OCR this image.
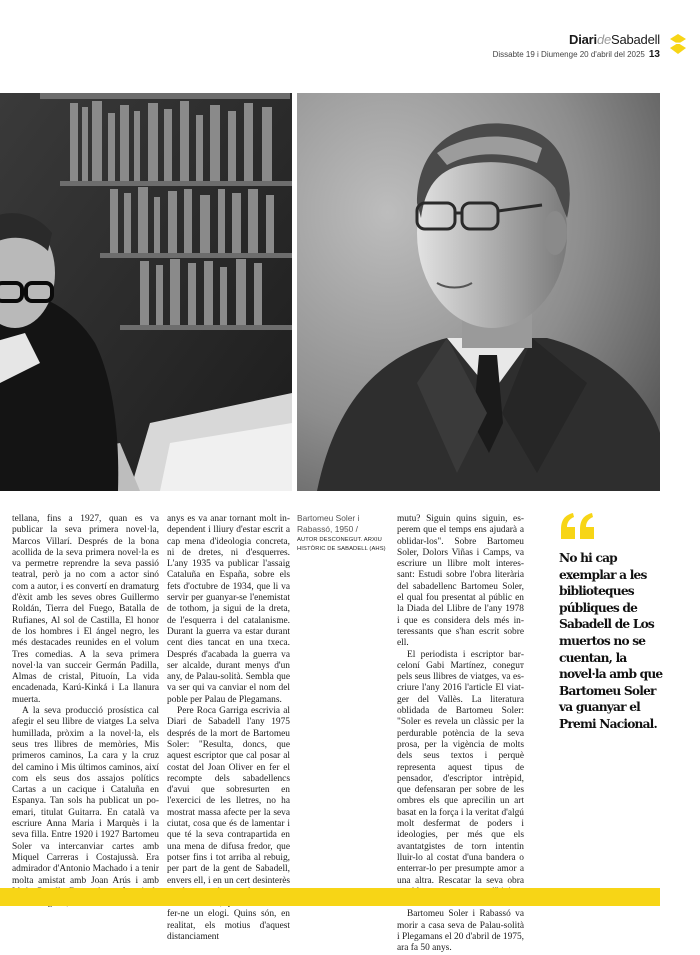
DiarideSabadell
Dissabte 19 i Diumenge 20 d'abril del 2025 13

tellana, fins a 1927, quan es va publicar la seva primera novel·la, Marcos Villarí. Després de la bona acollida de la seva primera novel·la es va permetre reprendre la seva passió teatral, però ja no com a actor sinó com a autor, i es convertí en dramaturg d'èxit amb les seves obres Guillermo Roldán, Tierra del Fuego, Batalla de Rufianes, Al sol de Castilla, El honor de los hombres i El ángel negro, les més destacades reunides en el volum Tres comedias. A la seva primera novel·la van succeir Germán Padilla, Almas de cristal, Pituoín, La vida encadenada, Karú-Kinká i La llanura muerta.

A la seva producció prosística cal afegir el seu llibre de viatges La selva humillada, pròxim a la novel·la, els seus tres llibres de memòries, Mis primeros caminos, La cara y la cruz del camino i Mis últimos caminos, així com els seus dos assajos polítics Cartas a un cacique i Cataluña en Espanya. Tan sols ha publicat un poemari, titulat Guitarra. En català va escriure Anna Maria i Marquès i la seva filla. Entre 1920 i 1927 Bartomeu Soler va intercanviar cartes amb Miquel Carreras i Costajussà. Era admirador d'Antonio Machado i a tenir molta amistat amb Joan Arús i amb

anys es va anar tornant molt independent i lliury d'estar escrit a cap mena d'ideologia concreta, ni de dretes, ni d'esquerres. L'any 1935 va publicar l'assaig Cataluña en España, sobre els fets d'octubre de 1934, que li va servir per guanyar-se l'enemistat de tothom, ja sigui de la dreta, de l'esquerra i del catalanisme. Durant la guerra va estar durant cent dies tancat en una txeca. Després d'acabada la guerra va ser alcalde, durant menys d'un any, de Palau-solità. Sembla que va ser qui va canviar el nom del poble per Palau de Plegamans.

Pere Roca Garriga escrivia al Diari de Sabadell l'any 1975 després de la mort de Bartomeu Soler: "Resulta, doncs, que aquest escriptor que cal posar al costat del Joan Oliver en fer el recompte dels sabadellencs d'avui que sobresurten en l'exercici de les lletres, no ha mostrat massa afecte per la seva ciutat, cosa que és de lamentar i que té la seva contrapartida en una mena de difusa fredor, que potser fins i tot arriba al rebuig, per part de la gent de Sabadell, envers ell, i en un cert desinterès fer-ne un elogi. Quins són, en realitat, els motius d'aquest distanciament

Bartomeu Soler i Rabassó, 1950 /
AUTOR DESCONEGUT. ARXIU HISTÒRIC DE SABADELL (AHS)

mutu? Siguin quins siguin, esperem que el temps ens ajudarà a oblidar-los". Sobre Bartomeu Soler, Dolors Viñas i Camps, va escriure un llibre molt interessant: Estudi sobre l'obra literària del sabadellenc Bartomeu Soler, el qual fou presentat al públic en la Diada del Llibre de l'any 1978 i que es considera dels més interessants que s'han escrit sobre ell.

El periodista i escriptor barceloní Gabi Martínez, coneguт pels seus llibres de viatges, va escriure l'any 2016 l'article El viatger del Vallès. La literatura oblidada de Bartomeu Soler: "Soler es revela un clàssic per la perdurable potència de la seva prosa, per la vigència de molts dels seus textos i perquè representa aquest tipus de pensador, d'escriptor intrèpid, que defensaran per sobre de les ombres els que aprecilin un art basat en la força i la veritat d'algú molt desfermat de poders i ideologies, per més que els avantatgistes de torn intentin lluir-lo al costat d'una bandera o enterrar-lo per presumpte amor a una altra. Rescatar la seva obra

Bartomeu Soler i Rabassó va morir a casa seva de Palau-solità i Plegamans el 20 d'abril de 1975, ara fa 50 anys.

No hi cap exemplar a les biblioteques públiques de Sabadell de Los muertos no se cuentan, la novel·la amb que Bartomeu Soler va guanyar el Premi Nacional.
